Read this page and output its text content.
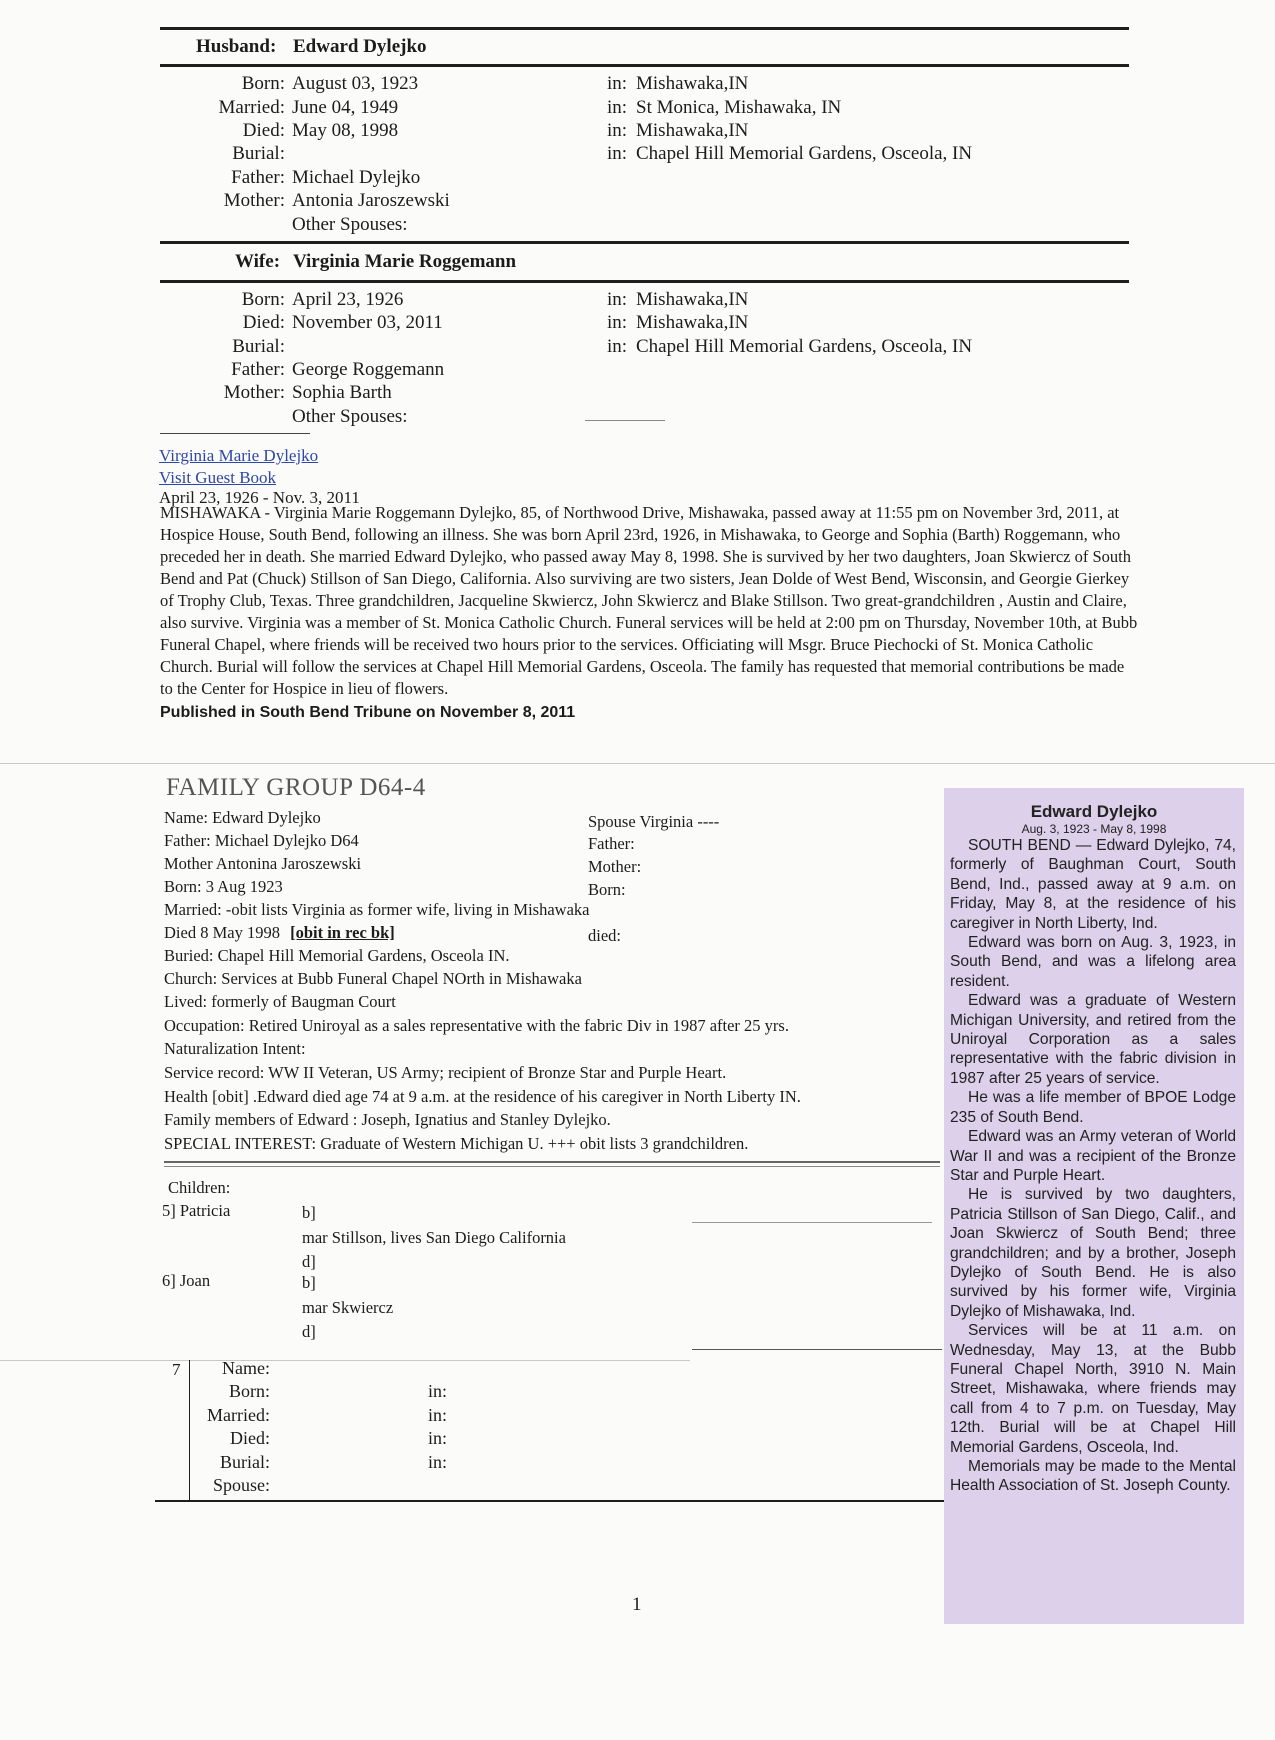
Husband: Edward Dylejko
Born: August 03, 1923	in: Mishawaka,IN
Married: June 04, 1949	in: St Monica, Mishawaka, IN
Died: May 08, 1998	in: Mishawaka,IN
Burial:	in: Chapel Hill Memorial Gardens, Osceola, IN
Father: Michael Dylejko
Mother: Antonia Jaroszewski
Other Spouses:
Wife: Virginia Marie Roggemann
Born: April 23, 1926	in: Mishawaka,IN
Died: November 03, 2011	in: Mishawaka,IN
Burial:	in: Chapel Hill Memorial Gardens, Osceola, IN
Father: George Roggemann
Mother: Sophia Barth
Other Spouses:
Virginia Marie Dylejko
Visit Guest Book
April 23, 1926 - Nov. 3, 2011

MISHAWAKA - Virginia Marie Roggemann Dylejko, 85, of Northwood Drive, Mishawaka, passed away at 11:55 pm on November 3rd, 2011, at Hospice House, South Bend, following an illness. She was born April 23rd, 1926, in Mishawaka, to George and Sophia (Barth) Roggemann, who preceded her in death. She married Edward Dylejko, who passed away May 8, 1998. She is survived by her two daughters, Joan Skwiercz of South Bend and Pat (Chuck) Stillson of San Diego, California. Also surviving are two sisters, Jean Dolde of West Bend, Wisconsin, and Georgie Gierkey of Trophy Club, Texas. Three grandchildren, Jacqueline Skwiercz, John Skwiercz and Blake Stillson. Two great-grandchildren , Austin and Claire, also survive. Virginia was a member of St. Monica Catholic Church. Funeral services will be held at 2:00 pm on Thursday, November 10th, at Bubb Funeral Chapel, where friends will be received two hours prior to the services. Officiating will Msgr. Bruce Piechocki of St. Monica Catholic Church. Burial will follow the services at Chapel Hill Memorial Gardens, Osceola. The family has requested that memorial contributions be made to the Center for Hospice in lieu of flowers.

Published in South Bend Tribune on November 8, 2011

FAMILY GROUP D64-4
Name: Edward Dylejko
Father: Michael Dylejko D64
Mother Antonina Jaroszewski
Born: 3 Aug 1923
Married: -obit lists Virginia as former wife, living in Mishawaka
Died 8 May 1998 [obit in rec bk]
Buried: Chapel Hill Memorial Gardens, Osceola IN.
Church: Services at Bubb Funeral Chapel NOrth in Mishawaka
Lived: formerly of Baugman Court
Occupation: Retired Uniroyal as a sales representative with the fabric Div in 1987 after 25 yrs.
Naturalization Intent:
Service record: WW II Veteran, US Army; recipient of Bronze Star and Purple Heart.
Health [obit] .Edward died age 74 at 9 a.m. at the residence of his caregiver in North Liberty IN.
Family members of Edward : Joseph, Ignatius and Stanley Dylejko.
SPECIAL INTEREST: Graduate of Western Michigan U. +++ obit lists 3 grandchildren.
Spouse Virginia ----
Father:
Mother:
Born:
died:
Children:
5] Patricia	b]
mar Stillson, lives San Diego California
d]
6] Joan	b]
mar Skwiercz
d]
7 Name:
Born:	in:
Married:	in:
Died:	in:
Burial:	in:
Spouse:
Edward Dylejko
Aug. 3, 1923 - May 8, 1998

SOUTH BEND — Edward Dylejko, 74, formerly of Baughman Court, South Bend, Ind., passed away at 9 a.m. on Friday, May 8, at the residence of his caregiver in North Liberty, Ind.

Edward was born on Aug. 3, 1923, in South Bend, and was a lifelong area resident.

Edward was a graduate of Western Michigan University, and retired from the Uniroyal Corporation as a sales representative with the fabric division in 1987 after 25 years of service.

He was a life member of BPOE Lodge 235 of South Bend.

Edward was an Army veteran of World War II and was a recipient of the Bronze Star and Purple Heart.

He is survived by two daughters, Patricia Stillson of San Diego, Calif., and Joan Skwiercz of South Bend; three grandchildren; and by a brother, Joseph Dylejko of South Bend. He is also survived by his former wife, Virginia Dylejko of Mishawaka, Ind.

Services will be at 11 a.m. on Wednesday, May 13, at the Bubb Funeral Chapel North, 3910 N. Main Street, Mishawaka, where friends may call from 4 to 7 p.m. on Tuesday, May 12th. Burial will be at Chapel Hill Memorial Gardens, Osceola, Ind.

Memorials may be made to the Mental Health Association of St. Joseph County.

1
